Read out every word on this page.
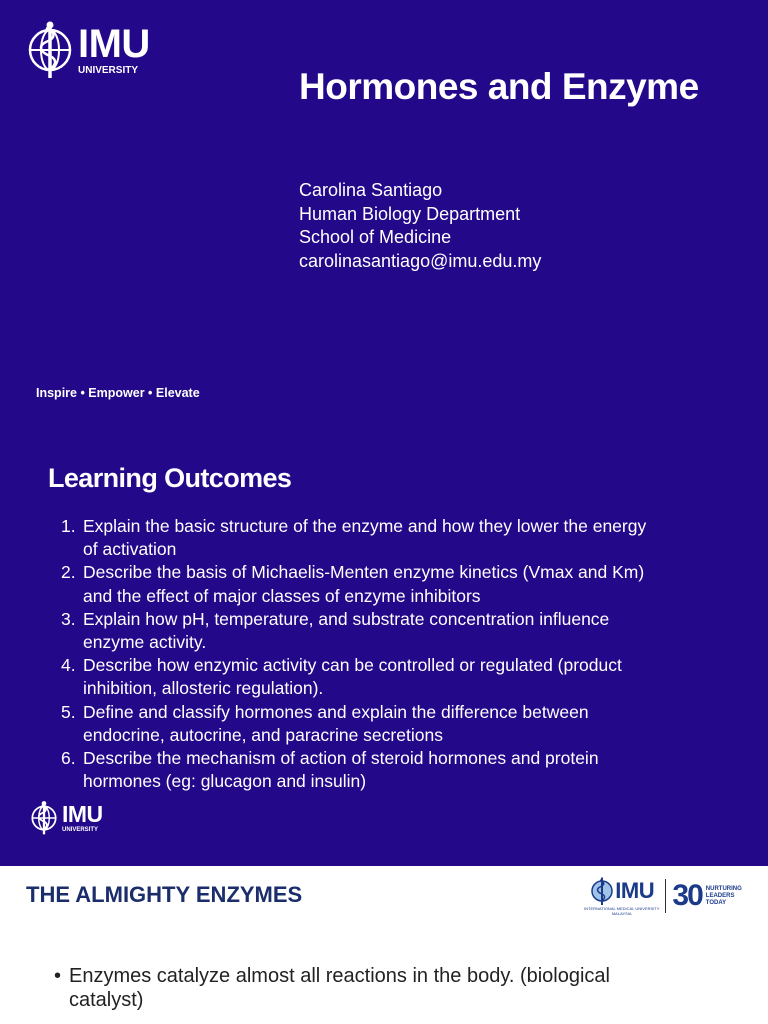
IMU
UNIVERSITY	Hormones and Enzyme
Carolina Santiago
Human Biology Department
School of Medicine
carolinasantiago@imu.edu.my
Inspire • Empower • Elevate
Learning Outcomes
1. Explain the basic structure of the enzyme and how they lower the energy
of activation
2. Describe the basis of Michaelis-Menten enzyme kinetics (Vmax and Km)
and the effect of major classes of enzyme inhibitors
3. Explain how pH, temperature, and substrate concentration influence
enzyme activity.
4. Describe how enzymic activity can be controlled or regulated (product
inhibition, allosteric regulation).
5. Define and classify hormones and explain the difference between
endocrine, autocrine, and paracrine secretions
6. Describe the mechanism of action of steroid hormones and protein
hormones (eg: glucagon and insulin)
IMU
UNIVERSITY
THE ALMIGHTY ENZYMES	IMU
INTERNATIONAL MEDICAL UNIVERSITY
MALAYSIA
30 NURTURING
LEADERS
TODAY
• Enzymes catalyze almost all reactions in the body. (biological
catalyst)
